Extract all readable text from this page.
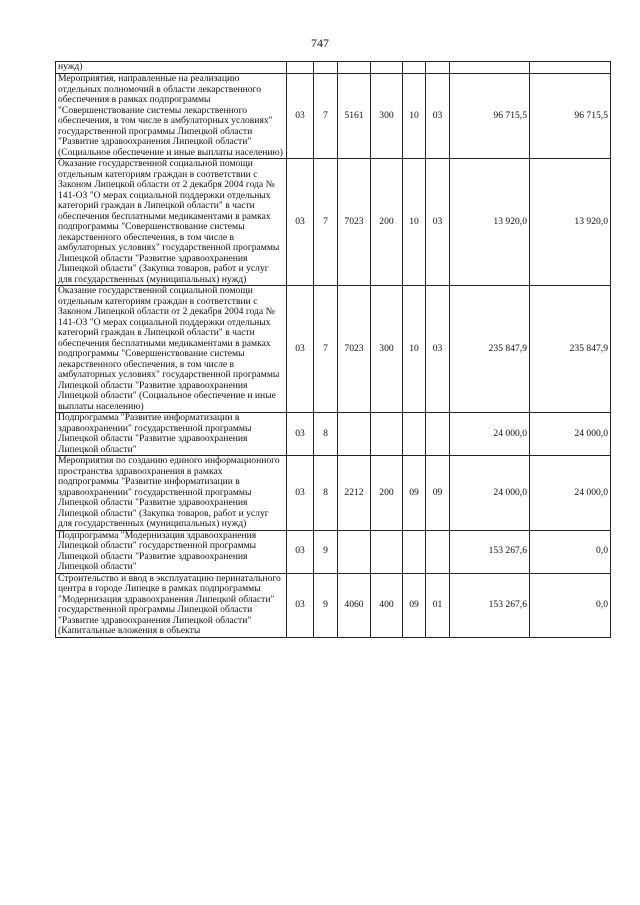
747
нужд)								
Мероприятия, направленные на реализацию отдельных полномочий в области лекарственного обеспечения в рамках подпрограммы "Совершенствование системы лекарственного обеспечения, в том числе в амбулаторных условиях" государственной программы Липецкой области "Развитие здравоохранения Липецкой области" (Социальное обеспечение и иные выплаты населению)	03	7	5161	300	10	03	96 715,5	96 715,5
Оказание государственной социальной помощи отдельным категориям граждан в соответствии с Законом Липецкой области от 2 декабря 2004 года № 141-ОЗ "О мерах социальной поддержки отдельных категорий граждан в Липецкой области" в части обеспечения бесплатными медикаментами в рамках подпрограммы "Совершенствование системы лекарственного обеспечения, в том числе в амбулаторных условиях" государственной программы Липецкой области "Развитие здравоохранения Липецкой области" (Закупка товаров, работ и услуг для государственных (муниципальных) нужд)	03	7	7023	200	10	03	13 920,0	13 920,0
Оказание государственной социальной помощи отдельным категориям граждан в соответствии с Законом Липецкой области от 2 декабря 2004 года № 141-ОЗ "О мерах социальной поддержки отдельных категорий граждан в Липецкой области" в части обеспечения бесплатными медикаментами в рамках подпрограммы "Совершенствование системы лекарственного обеспечения, в том числе в амбулаторных условиях" государственной программы Липецкой области "Развитие здравоохранения Липецкой области" (Социальное обеспечение и иные выплаты населению)	03	7	7023	300	10	03	235 847,9	235 847,9
Подпрограмма "Развитие информатизации в здравоохранении" государственной программы Липецкой области "Развитие здравоохранения Липецкой области"	03	8					24 000,0	24 000,0
Мероприятия по созданию единого информационного пространства здравоохранения в рамках подпрограммы "Развитие информатизации в здравоохранении" государственной программы Липецкой области "Развитие здравоохранения Липецкой области" (Закупка товаров, работ и услуг для государственных (муниципальных) нужд)	03	8	2212	200	09	09	24 000,0	24 000,0
Подпрограмма "Модернизация здравоохранения Липецкой области" государственной программы Липецкой области "Развитие здравоохранения Липецкой области"	03	9					153 267,6	0,0
Строительство и ввод в эксплуатацию перинатального центра в городе Липецке в рамках подпрограммы "Модернизация здравоохранения Липецкой области" государственной программы Липецкой области "Развитие здравоохранения Липецкой области" (Капитальные вложения в объекты	03	9	4060	400	09	01	153 267,6	0,0
